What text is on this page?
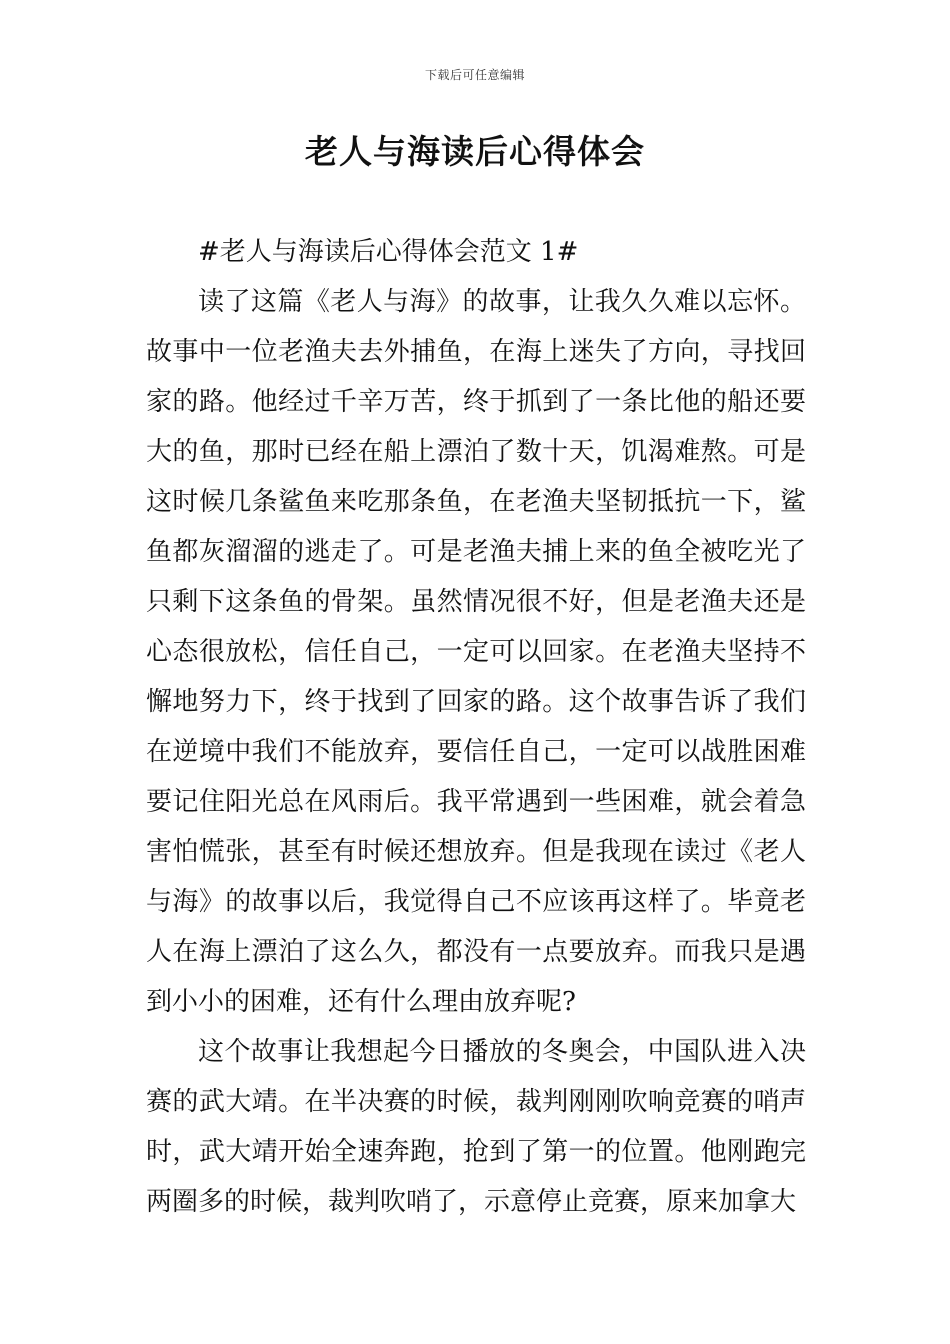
下载后可任意编辑
老人与海读后心得体会
#老人与海读后心得体会范文 1#

读了这篇《老人与海》的故事，让我久久难以忘怀。故事中一位老渔夫去外捕鱼，在海上迷失了方向，寻找回家的路。他经过千辛万苦，终于抓到了一条比他的船还要大的鱼，那时已经在船上漂泊了数十天，饥渴难熬。可是这时候几条鲨鱼来吃那条鱼，在老渔夫坚韧抵抗一下，鲨鱼都灰溜溜的逃走了。可是老渔夫捕上来的鱼全被吃光了只剩下这条鱼的骨架。虽然情况很不好，但是老渔夫还是心态很放松，信任自己，一定可以回家。在老渔夫坚持不懈地努力下，终于找到了回家的路。这个故事告诉了我们在逆境中我们不能放弃，要信任自己，一定可以战胜困难要记住阳光总在风雨后。我平常遇到一些困难，就会着急害怕慌张，甚至有时候还想放弃。但是我现在读过《老人与海》的故事以后，我觉得自己不应该再这样了。毕竟老人在海上漂泊了这么久，都没有一点要放弃。而我只是遇到小小的困难，还有什么理由放弃呢?

这个故事让我想起今日播放的冬奥会，中国队进入决赛的武大靖。在半决赛的时候，裁判刚刚吹响竞赛的哨声时，武大靖开始全速奔跑，抢到了第一的位置。他刚跑完两圈多的时候，裁判吹哨了，示意停止竞赛，原来加拿大
